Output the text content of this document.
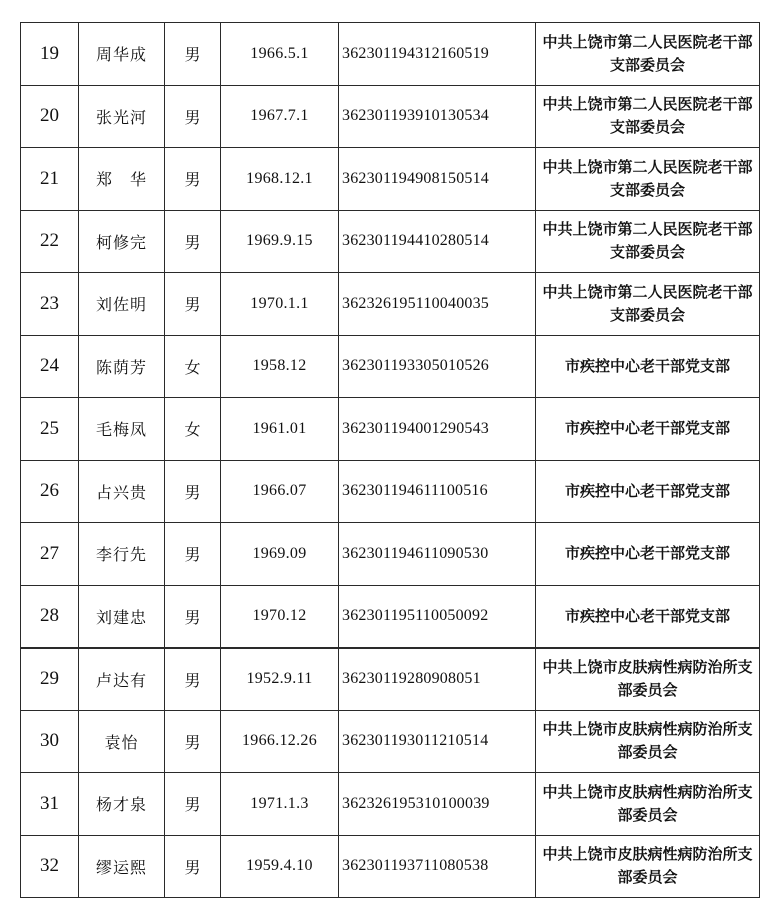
19	周华成	男	1966.5.1	362301194312160519	中共上饶市第二人民医院老干部支部委员会
20	张光河	男	1967.7.1	362301193910130534	中共上饶市第二人民医院老干部支部委员会
21	郑　华	男	1968.12.1	362301194908150514	中共上饶市第二人民医院老干部支部委员会
22	柯修完	男	1969.9.15	362301194410280514	中共上饶市第二人民医院老干部支部委员会
23	刘佐明	男	1970.1.1	362326195110040035	中共上饶市第二人民医院老干部支部委员会
24	陈荫芳	女	1958.12	362301193305010526	市疾控中心老干部党支部
25	毛梅凤	女	1961.01	362301194001290543	市疾控中心老干部党支部
26	占兴贵	男	1966.07	362301194611100516	市疾控中心老干部党支部
27	李行先	男	1969.09	362301194611090530	市疾控中心老干部党支部
28	刘建忠	男	1970.12	362301195110050092	市疾控中心老干部党支部
29	卢达有	男	1952.9.11	36230119280908051	中共上饶市皮肤病性病防治所支部委员会
30	袁怡	男	1966.12.26	362301193011210514	中共上饶市皮肤病性病防治所支部委员会
31	杨才泉	男	1971.1.3	362326195310100039	中共上饶市皮肤病性病防治所支部委员会
32	缪运熙	男	1959.4.10	362301193711080538	中共上饶市皮肤病性病防治所支部委员会
